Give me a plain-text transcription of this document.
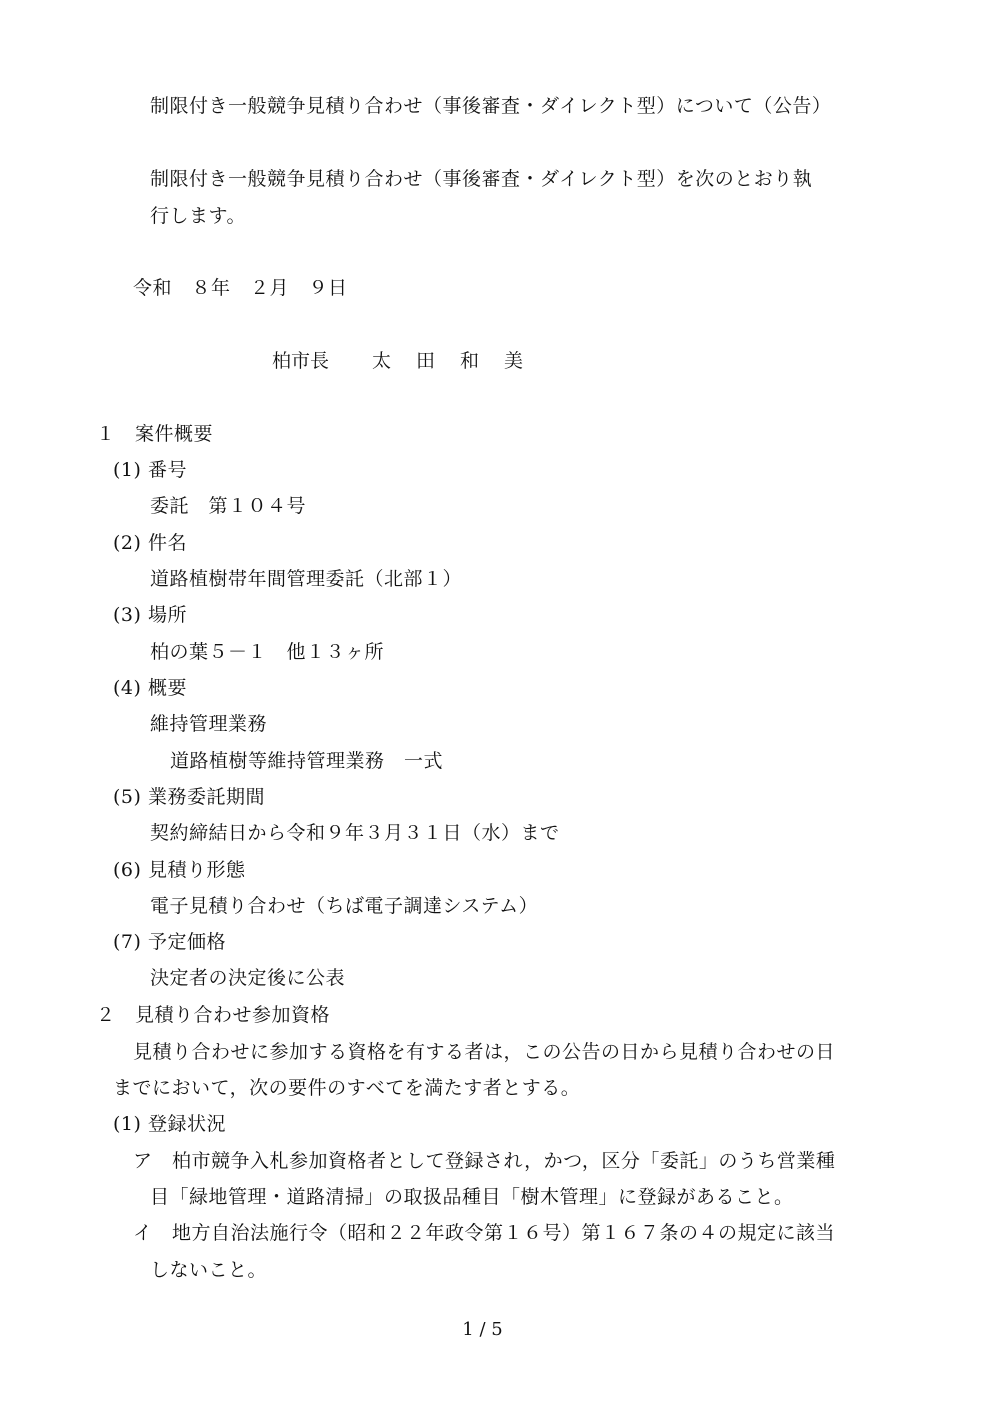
制限付き一般競争見積り合わせ（事後審査・ダイレクト型）について（公告）
制限付き一般競争見積り合わせ（事後審査・ダイレクト型）を次のとおり執
行します。
令和　８年　２月　９日
柏市長 太　田　和　美
１　案件概要
(1) 番号
委託　第１０４号
(2) 件名
道路植樹帯年間管理委託（北部１）
(3) 場所
柏の葉５－１　他１３ヶ所
(4) 概要
維持管理業務
道路植樹等維持管理業務　一式
(5) 業務委託期間
契約締結日から令和９年３月３１日（水）まで
(6) 見積り形態
電子見積り合わせ（ちば電子調達システム）
(7) 予定価格
決定者の決定後に公表
２　見積り合わせ参加資格
見積り合わせに参加する資格を有する者は，この公告の日から見積り合わせの日
までにおいて，次の要件のすべてを満たす者とする。
(1) 登録状況
ア　柏市競争入札参加資格者として登録され，かつ，区分「委託」のうち営業種
目「緑地管理・道路清掃」の取扱品種目「樹木管理」に登録があること。
イ　地方自治法施行令（昭和２２年政令第１６号）第１６７条の４の規定に該当
しないこと。
1 / 5
